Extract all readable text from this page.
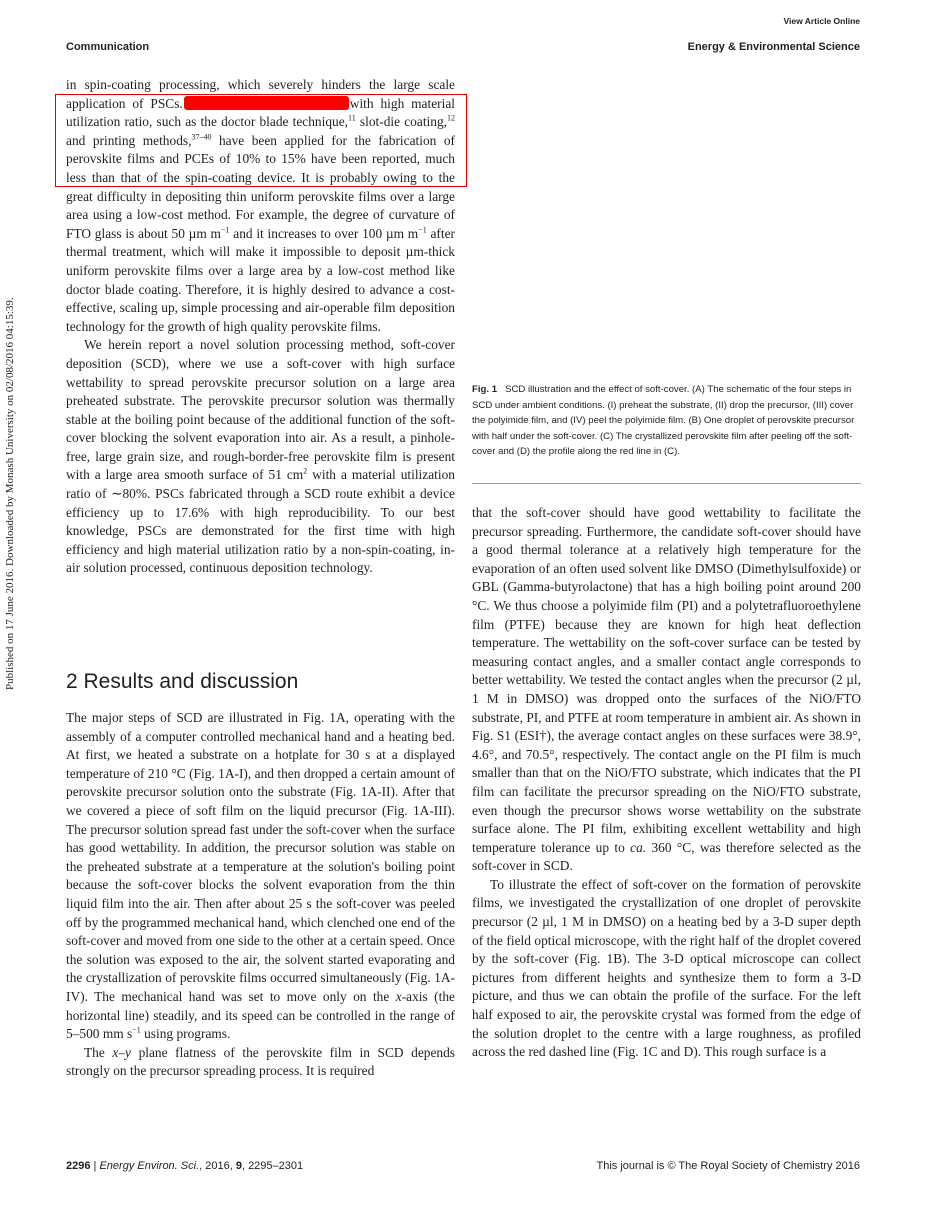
View Article Online
Communication	Energy & Environmental Science
Published on 17 June 2016. Downloaded by Monash University on 02/08/2016 04:15:39.

in spin-coating processing, which severely hinders the large scale application of PSCs.	with high material utilization ratio, such as the doctor blade technique,$^{11}$ slot-die coating,$^{12}$ and printing methods,$^{37-40}$ have been applied for the fabrication of perovskite films and PCEs of 10% to 15% have been reported, much less than that of the spin-coating device. It is probably owing to the great difficulty in depositing thin uniform perovskite films over a large area using a low-cost method. For example, the degree of curvature of FTO glass is about 50 µm $m^{-1}$ and it increases to over 100 µm $m^{-1}$ after thermal treatment, which will make it impossible to deposit µm-thick uniform perovskite films over a large area by a low-cost method like doctor blade coating. Therefore, it is highly desired to advance a cost-effective, scaling up, simple processing and air-operable film deposition technology for the growth of high quality perovskite films.

We herein report a novel solution processing method, soft-cover deposition (SCD), where we use a soft-cover with high surface wettability to spread perovskite precursor solution on a large area preheated substrate. The perovskite precursor solution was thermally stable at the boiling point because of the additional function of the soft-cover blocking the solvent evaporation into air. As a result, a pinhole-free, large grain size, and rough-border-free perovskite film is present with a large area smooth surface of 51 $cm^2$ with a material utilization ratio of ∼80%. PSCs fabricated through a SCD route exhibit a device efficiency up to 17.6% with high reproducibility. To our best knowledge, PSCs are demonstrated for the first time with high efficiency and high material utilization ratio by a non-spin-coating, in-air solution processed, continuous deposition technology.

2 Results and discussion

The major steps of SCD are illustrated in Fig. 1A, operating with the assembly of a computer controlled mechanical hand and a heating bed. At first, we heated a substrate on a hotplate for 30 s at a displayed temperature of 210 °C (Fig. 1A-I), and then dropped a certain amount of perovskite precursor solution onto the substrate (Fig. 1A-II). After that we covered a piece of soft film on the liquid precursor (Fig. 1A-III). The precursor solution spread fast under the soft-cover when the surface has good wettability. In addition, the precursor solution was stable on the preheated substrate at a temperature at the solution's boiling point because the soft-cover blocks the solvent evaporation from the thin liquid film into the air. Then after about 25 s the soft-cover was peeled off by the programmed mechanical hand, which clenched one end of the soft-cover and moved from one side to the other at a certain speed. Once the solution was exposed to the air, the solvent started evaporating and the crystallization of perovskite films occurred simultaneously (Fig. 1A-IV). The mechanical hand was set to move only on the x-axis (the horizontal line) steadily, and its speed can be controlled in the range of 5–500 mm $s^{-1}$ using programs.

The x–y plane flatness of the perovskite film in SCD depends strongly on the precursor spreading process. It is required

Fig. 1 SCD illustration and the effect of soft-cover. (A) The schematic of the four steps in SCD under ambient conditions. (I) preheat the substrate, (II) drop the precursor, (III) cover the polyimide film, and (IV) peel the polyimide film. (B) One droplet of perovskite precursor with half under the soft-cover. (C) The crystallized perovskite film after peeling off the soft-cover and (D) the profile along the red line in (C).

that the soft-cover should have good wettability to facilitate the precursor spreading. Furthermore, the candidate soft-cover should have a good thermal tolerance at a relatively high temperature for the evaporation of an often used solvent like DMSO (Dimethylsulfoxide) or GBL (Gamma-butyrolactone) that has a high boiling point around 200 °C. We thus choose a polyimide film (PI) and a polytetrafluoroethylene film (PTFE) because they are known for high heat deflection temperature. The wettability on the soft-cover surface can be tested by measuring contact angles, and a smaller contact angle corresponds to better wettability. We tested the contact angles when the precursor (2 µl, 1 M in DMSO) was dropped onto the surfaces of the NiO/FTO substrate, PI, and PTFE at room temperature in ambient air. As shown in Fig. S1 (ESI†), the average contact angles on these surfaces were 38.9°, 4.6°, and 70.5°, respectively. The contact angle on the PI film is much smaller than that on the NiO/FTO substrate, which indicates that the PI film can facilitate the precursor spreading on the NiO/FTO substrate, even though the precursor shows worse wettability on the substrate surface alone. The PI film, exhibiting excellent wettability and high temperature tolerance up to ca. 360 °C, was therefore selected as the soft-cover in SCD.

To illustrate the effect of soft-cover on the formation of perovskite films, we investigated the crystallization of one droplet of perovskite precursor (2 µl, 1 M in DMSO) on a heating bed by a 3-D super depth of the field optical microscope, with the right half of the droplet covered by the soft-cover (Fig. 1B). The 3-D optical microscope can collect pictures from different heights and synthesize them to form a 3-D picture, and thus we can obtain the profile of the surface. For the left half exposed to air, the perovskite crystal was formed from the edge of the solution droplet to the centre with a large roughness, as profiled across the red dashed line (Fig. 1C and D). This rough surface is a

2296 | Energy Environ. Sci., 2016, 9, 2295–2301	This journal is © The Royal Society of Chemistry 2016
